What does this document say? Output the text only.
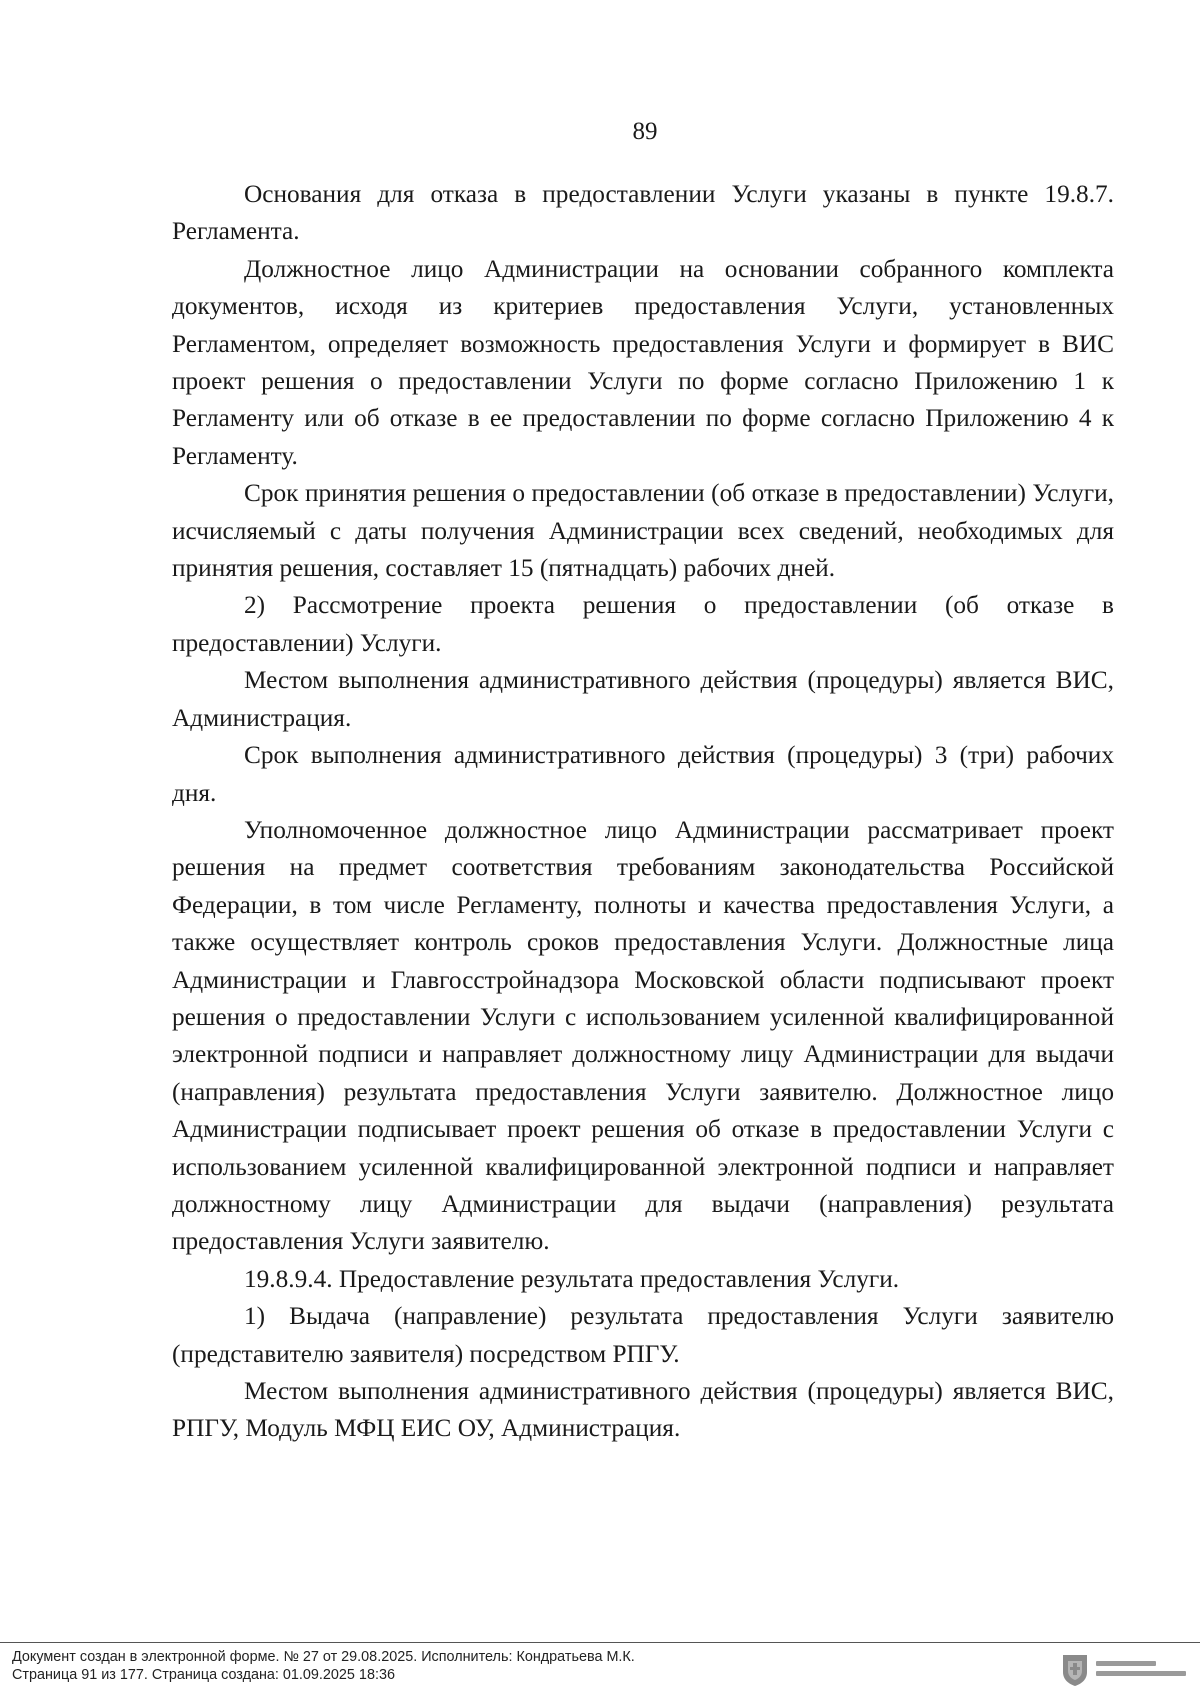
89

Основания для отказа в предоставлении Услуги указаны в пункте 19.8.7. Регламента.

Должностное лицо Администрации на основании собранного комплекта документов, исходя из критериев предоставления Услуги, установленных Регламентом, определяет возможность предоставления Услуги и формирует в ВИС проект решения о предоставлении Услуги по форме согласно Приложению 1 к Регламенту или об отказе в ее предоставлении по форме согласно Приложению 4 к Регламенту.

Срок принятия решения о предоставлении (об отказе в предоставлении) Услуги, исчисляемый с даты получения Администрации всех сведений, необходимых для принятия решения, составляет 15 (пятнадцать) рабочих дней.

2) Рассмотрение проекта решения о предоставлении (об отказе в предоставлении) Услуги.

Местом выполнения административного действия (процедуры) является ВИС, Администрация.

Срок выполнения административного действия (процедуры) 3 (три) рабочих дня.

Уполномоченное должностное лицо Администрации рассматривает проект решения на предмет соответствия требованиям законодательства Российской Федерации, в том числе Регламенту, полноты и качества предоставления Услуги, а также осуществляет контроль сроков предоставления Услуги. Должностные лица Администрации и Главгосстройнадзора Московской области подписывают проект решения о предоставлении Услуги с использованием усиленной квалифицированной электронной подписи и направляет должностному лицу Администрации для выдачи (направления) результата предоставления Услуги заявителю. Должностное лицо Администрации подписывает проект решения об отказе в предоставлении Услуги с использованием усиленной квалифицированной электронной подписи и направляет должностному лицу Администрации для выдачи (направления) результата предоставления Услуги заявителю.

19.8.9.4. Предоставление результата предоставления Услуги.

1) Выдача (направление) результата предоставления Услуги заявителю (представителю заявителя) посредством РПГУ.

Местом выполнения административного действия (процедуры) является ВИС, РПГУ, Модуль МФЦ ЕИС ОУ, Администрация.

Документ создан в электронной форме. № 27 от 29.08.2025. Исполнитель: Кондратьева М.К.
Страница 91 из 177. Страница создана: 01.09.2025 18:36
